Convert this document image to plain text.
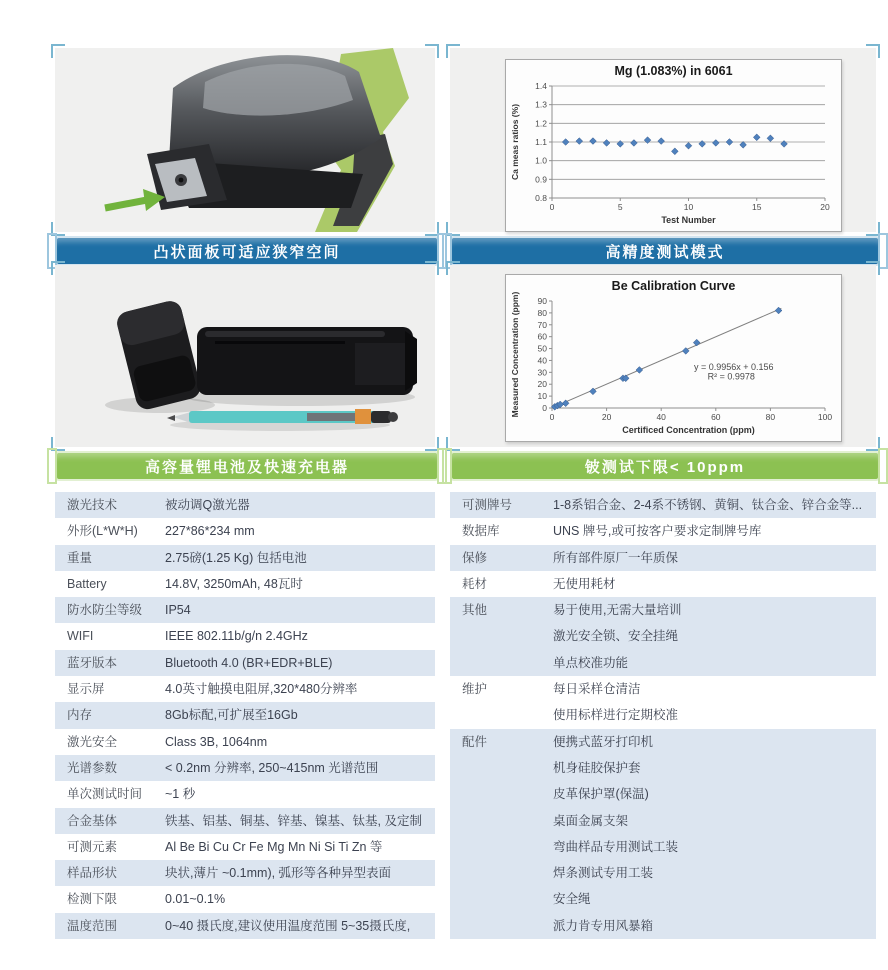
Mg (1.083%) in 6061
0.8
0.9
1.0
1.1
1.2
1.3
1.4
0	5	10	15	20
Test Number
Ca meas ratios (%)
凸状面板可适应狭窄空间	高精度测试模式
Be Calibration Curve
0
10
20
30
40
50
60
70
80
90
0	20	40	60	80	100
Certificed Concentration (ppm)
Measured Concentration (ppm)	y = 0.9956x + 0.156
R² = 0.9978
高容量锂电池及快速充电器	铍测试下限< 10ppm
激光技术	被动调Q激光器
外形(L*W*H)	227*86*234 mm
重量	2.75磅(1.25 Kg) 包括电池
Battery	14.8V, 3250mAh, 48瓦时
防水防尘等级	IP54
WIFI	IEEE 802.11b/g/n 2.4GHz
蓝牙版本	Bluetooth 4.0 (BR+EDR+BLE)
显示屏	4.0英寸触摸电阻屏,320*480分辨率
内存	8Gb标配,可扩展至16Gb
激光安全	Class 3B, 1064nm
光谱参数	< 0.2nm 分辨率, 250~415nm 光谱范围
单次测试时间	~1 秒
合金基体	铁基、铝基、铜基、锌基、镍基、钛基, 及定制
可测元素	Al Be Bi Cu Cr Fe Mg Mn Ni Si Ti Zn 等
样品形状	块状,薄片 ~0.1mm), 弧形等各种异型表面
检测下限	0.01~0.1%
温度范围	0~40 摄氏度,建议使用温度范围 5~35摄氏度,
可测牌号	1-8系铝合金、2-4系不锈钢、黄铜、钛合金、锌合金等...
数据库	UNS 牌号,或可按客户要求定制牌号库
保修	所有部件原厂一年质保
耗材	无使用耗材
其他	易于使用,无需大量培训
激光安全锁、安全挂绳
单点校准功能
维护	每日采样仓清洁
使用标样进行定期校准
配件	便携式蓝牙打印机
机身硅胶保护套
皮革保护罩(保温)
桌面金属支架
弯曲样品专用测试工装
焊条测试专用工装
安全绳
派力肯专用风暴箱
